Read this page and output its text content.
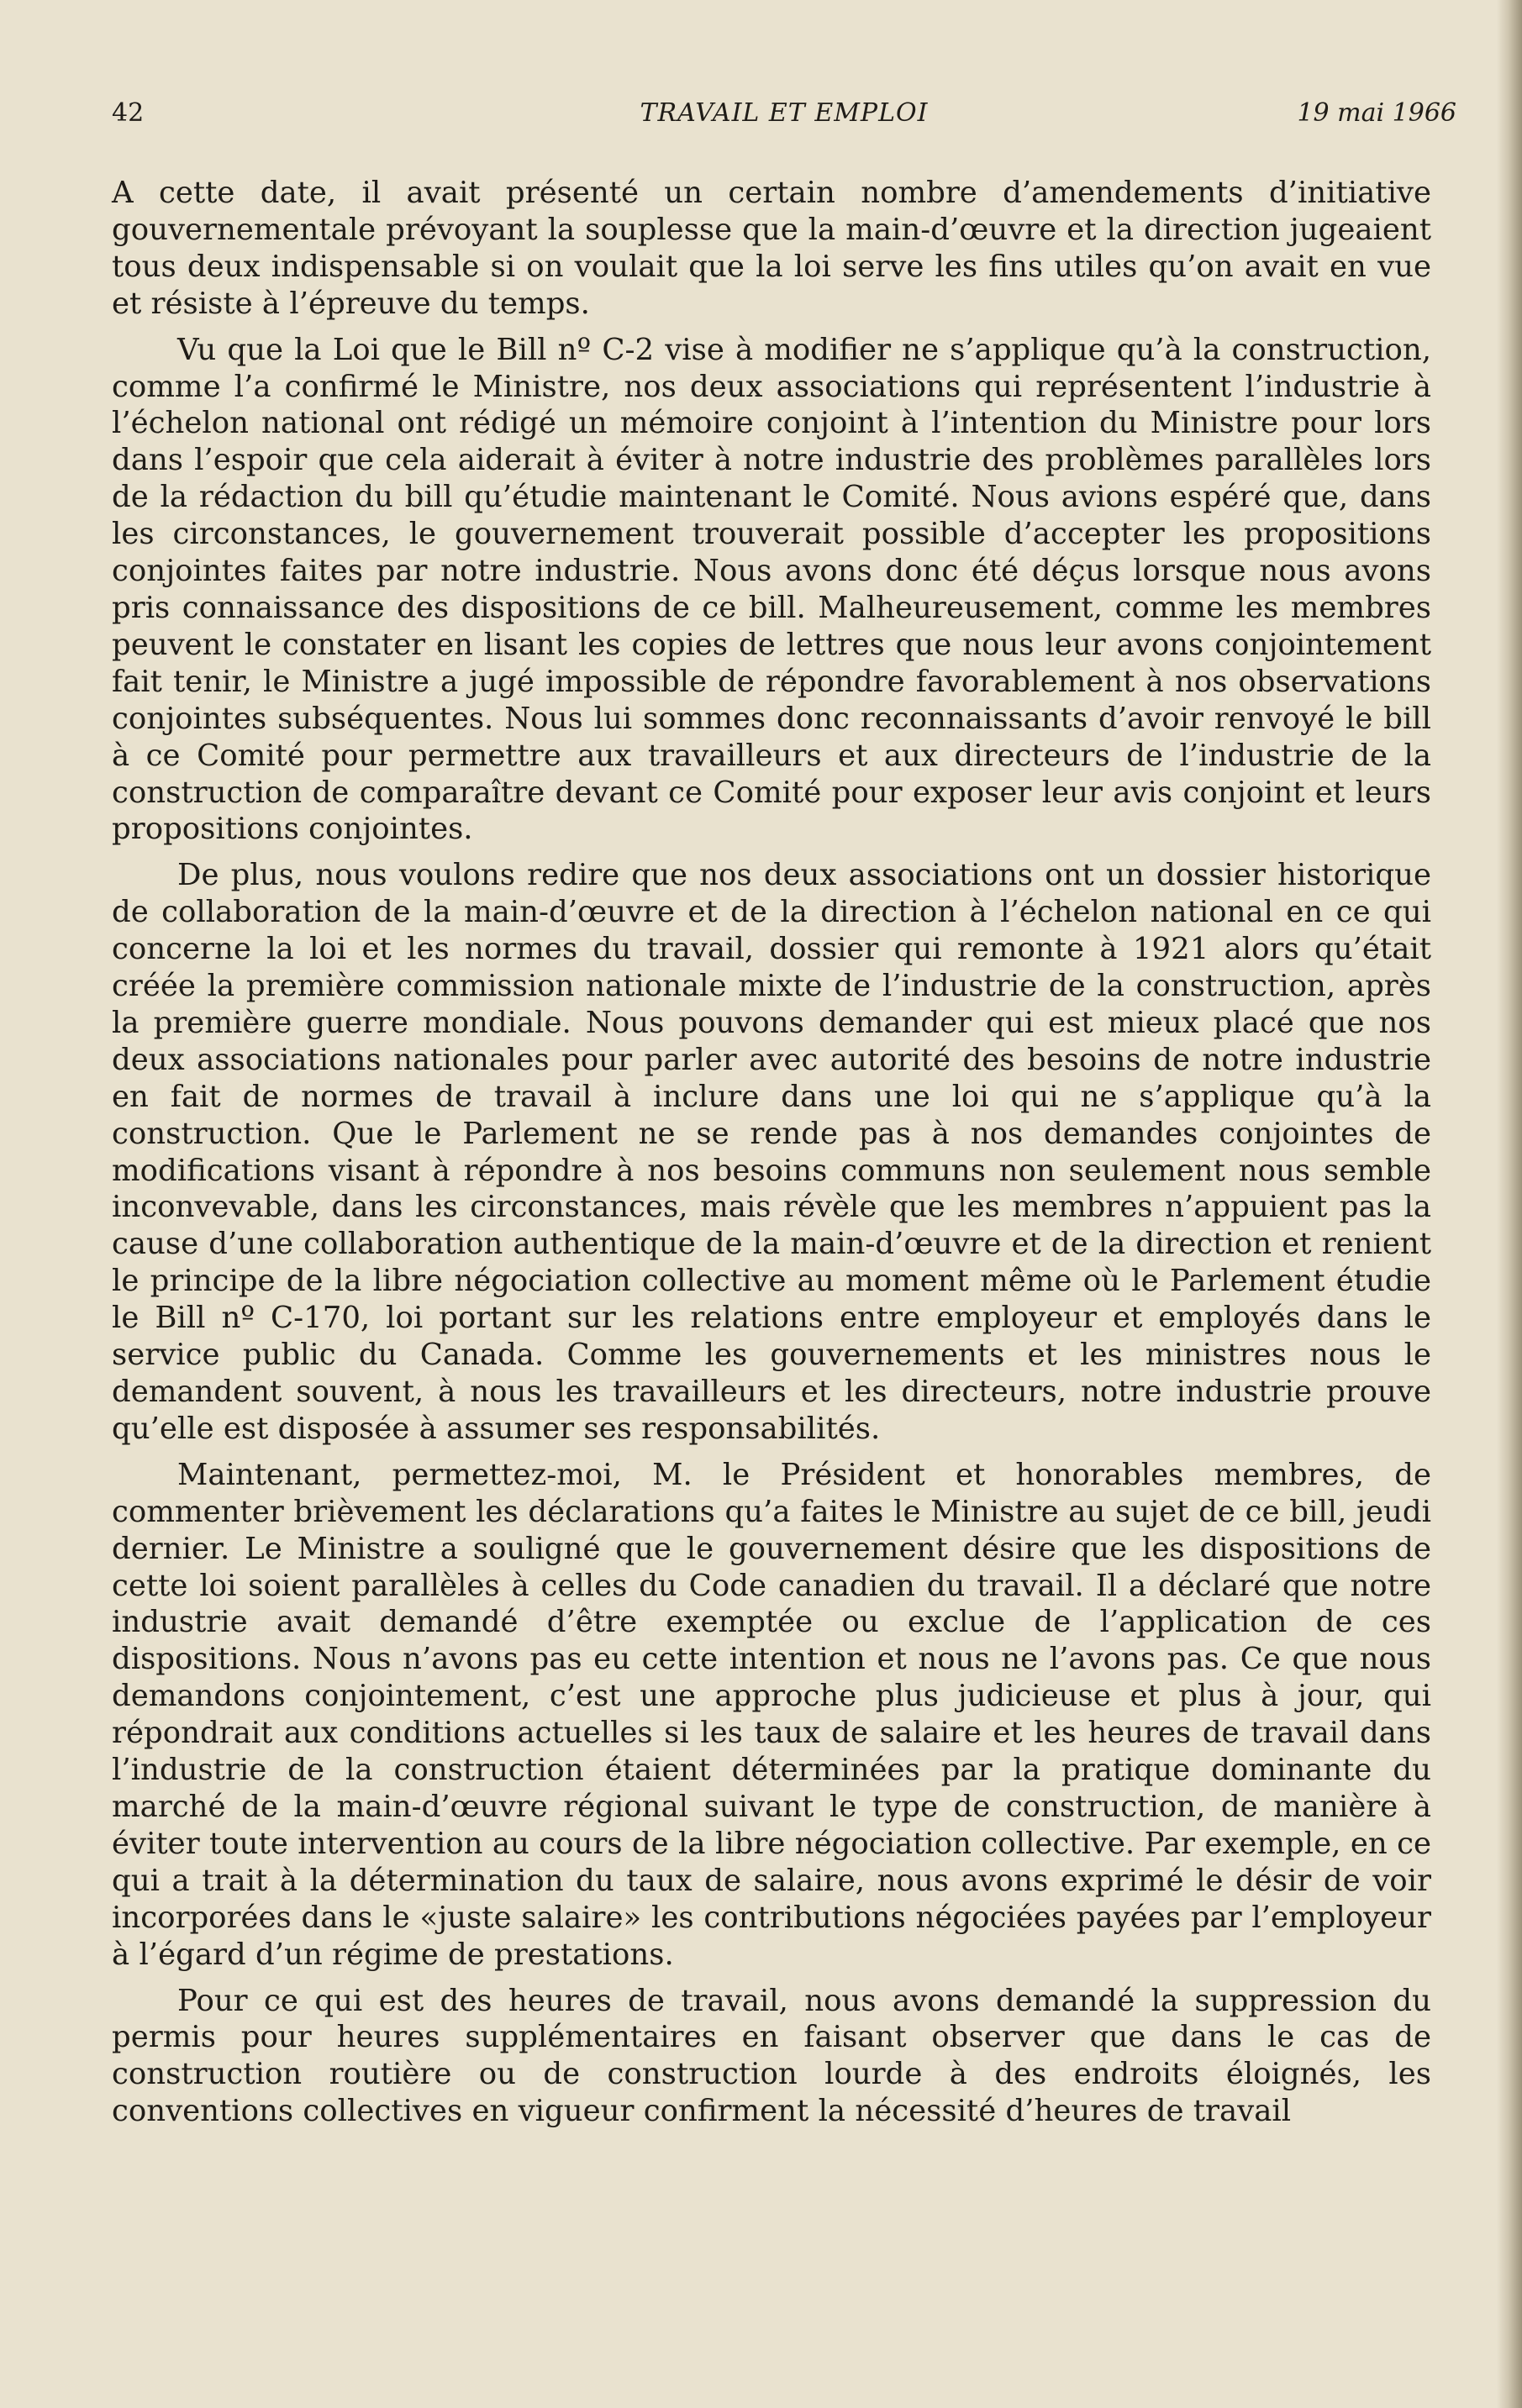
42	TRAVAIL ET EMPLOI	19 mai 1966

A cette date, il avait présenté un certain nombre d’amendements d’initiative gouvernementale prévoyant la souplesse que la main-d’œuvre et la direction jugeaient tous deux indispensable si on voulait que la loi serve les fins utiles qu’on avait en vue et résiste à l’épreuve du temps.

Vu que la Loi que le Bill nº C-2 vise à modifier ne s’applique qu’à la construction, comme l’a confirmé le Ministre, nos deux associations qui représentent l’industrie à l’échelon national ont rédigé un mémoire conjoint à l’intention du Ministre pour lors dans l’espoir que cela aiderait à éviter à notre industrie des problèmes parallèles lors de la rédaction du bill qu’étudie maintenant le Comité. Nous avions espéré que, dans les circonstances, le gouvernement trouverait possible d’accepter les propositions conjointes faites par notre industrie. Nous avons donc été déçus lorsque nous avons pris connaissance des dispositions de ce bill. Malheureusement, comme les membres peuvent le constater en lisant les copies de lettres que nous leur avons conjointement fait tenir, le Ministre a jugé impossible de répondre favorablement à nos observations conjointes subséquentes. Nous lui sommes donc reconnaissants d’avoir renvoyé le bill à ce Comité pour permettre aux travailleurs et aux directeurs de l’industrie de la construction de comparaître devant ce Comité pour exposer leur avis conjoint et leurs propositions conjointes.

De plus, nous voulons redire que nos deux associations ont un dossier historique de collaboration de la main-d’œuvre et de la direction à l’échelon national en ce qui concerne la loi et les normes du travail, dossier qui remonte à 1921 alors qu’était créée la première commission nationale mixte de l’industrie de la construction, après la première guerre mondiale. Nous pouvons demander qui est mieux placé que nos deux associations nationales pour parler avec autorité des besoins de notre industrie en fait de normes de travail à inclure dans une loi qui ne s’applique qu’à la construction. Que le Parlement ne se rende pas à nos demandes conjointes de modifications visant à répondre à nos besoins communs non seulement nous semble inconvevable, dans les circonstances, mais révèle que les membres n’appuient pas la cause d’une collaboration authentique de la main-d’œuvre et de la direction et renient le principe de la libre négociation collective au moment même où le Parlement étudie le Bill nº C-170, loi portant sur les relations entre employeur et employés dans le service public du Canada. Comme les gouvernements et les ministres nous le demandent souvent, à nous les travailleurs et les directeurs, notre industrie prouve qu’elle est disposée à assumer ses responsabilités.

Maintenant, permettez-moi, M. le Président et honorables membres, de commenter brièvement les déclarations qu’a faites le Ministre au sujet de ce bill, jeudi dernier. Le Ministre a souligné que le gouvernement désire que les dispositions de cette loi soient parallèles à celles du Code canadien du travail. Il a déclaré que notre industrie avait demandé d’être exemptée ou exclue de l’application de ces dispositions. Nous n’avons pas eu cette intention et nous ne l’avons pas. Ce que nous demandons conjointement, c’est une approche plus judicieuse et plus à jour, qui répondrait aux conditions actuelles si les taux de salaire et les heures de travail dans l’industrie de la construction étaient déterminées par la pratique dominante du marché de la main-d’œuvre régional suivant le type de construction, de manière à éviter toute intervention au cours de la libre négociation collective. Par exemple, en ce qui a trait à la détermination du taux de salaire, nous avons exprimé le désir de voir incorporées dans le «juste salaire» les contributions négociées payées par l’employeur à l’égard d’un régime de prestations.

Pour ce qui est des heures de travail, nous avons demandé la suppression du permis pour heures supplémentaires en faisant observer que dans le cas de construction routière ou de construction lourde à des endroits éloignés, les conventions collectives en vigueur confirment la nécessité d’heures de travail
